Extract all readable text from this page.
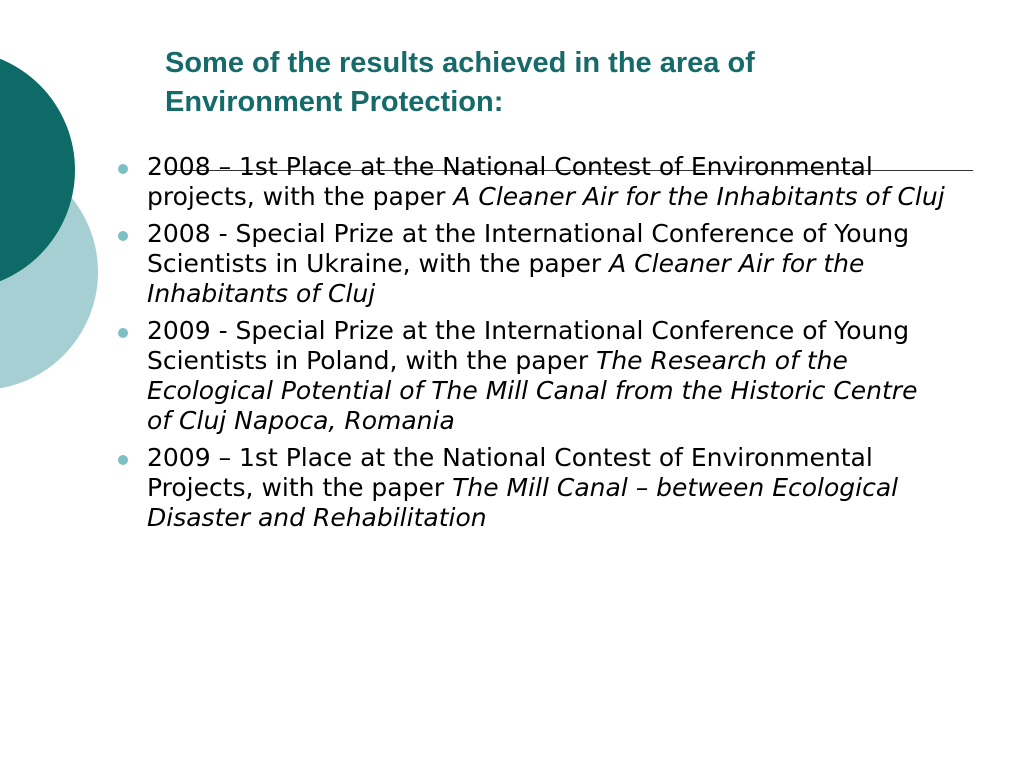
Some of the results achieved in the area of
Environment Protection:
2008 – 1st Place at the National Contest of Environmental projects, with the paper A Cleaner Air for the Inhabitants of Cluj
2008 - Special Prize at the International Conference of Young Scientists in Ukraine, with the paper A Cleaner Air for the Inhabitants of Cluj
2009 - Special Prize at the International Conference of Young Scientists in Poland, with the paper The Research of the Ecological Potential of The Mill Canal from the Historic Centre of Cluj Napoca, Romania
2009 – 1st Place at the National Contest of Environmental Projects, with the paper The Mill Canal – between Ecological Disaster and Rehabilitation
